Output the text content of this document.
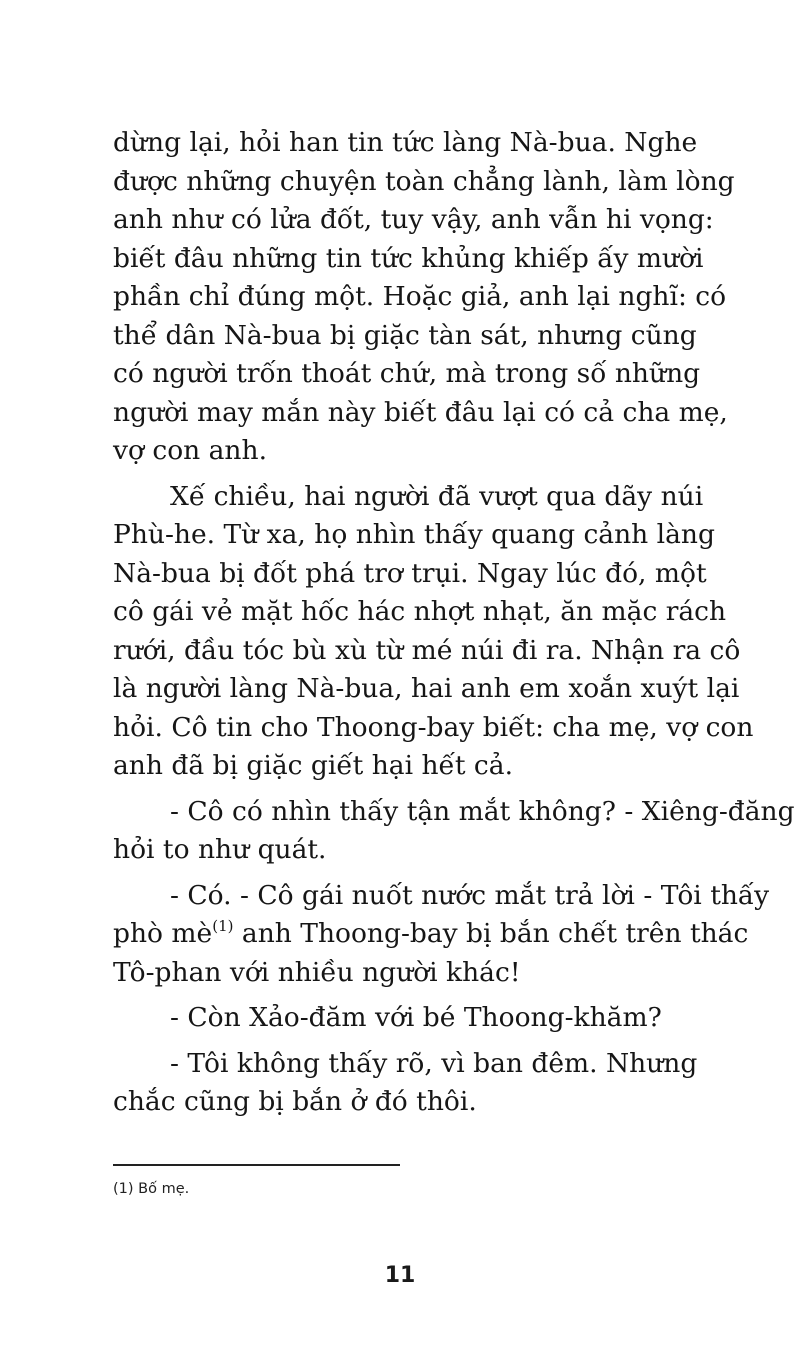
dừng lại, hỏi han tin tức làng Nà-bua. Nghe
được những chuyện toàn chẳng lành, làm lòng
anh như có lửa đốt, tuy vậy, anh vẫn hi vọng:
biết đâu những tin tức khủng khiếp ấy mười
phần chỉ đúng một. Hoặc giả, anh lại nghĩ: có
thể dân Nà-bua bị giặc tàn sát, nhưng cũng
có người trốn thoát chứ, mà trong số những
người may mắn này biết đâu lại có cả cha mẹ,
vợ con anh.
Xế chiều, hai người đã vượt qua dãy núi
Phù-he. Từ xa, họ nhìn thấy quang cảnh làng
Nà-bua bị đốt phá trơ trụi. Ngay lúc đó, một
cô gái vẻ mặt hốc hác nhợt nhạt, ăn mặc rách
rưới, đầu tóc bù xù từ mé núi đi ra. Nhận ra cô
là người làng Nà-bua, hai anh em xoắn xuýt lại
hỏi. Cô tin cho Thoong-bay biết: cha mẹ, vợ con
anh đã bị giặc giết hại hết cả.
- Cô có nhìn thấy tận mắt không? - Xiêng-đăng
hỏi to như quát.
- Có. - Cô gái nuốt nước mắt trả lời - Tôi thấy
phò $mè^{(1)}$ anh Thoong-bay bị bắn chết trên thác
Tô-phan với nhiều người khác!
- Còn Xảo-đăm với bé Thoong-khăm?
- Tôi không thấy rõ, vì ban đêm. Nhưng
chắc cũng bị bắn ở đó thôi.
(1) Bố mẹ.
11
